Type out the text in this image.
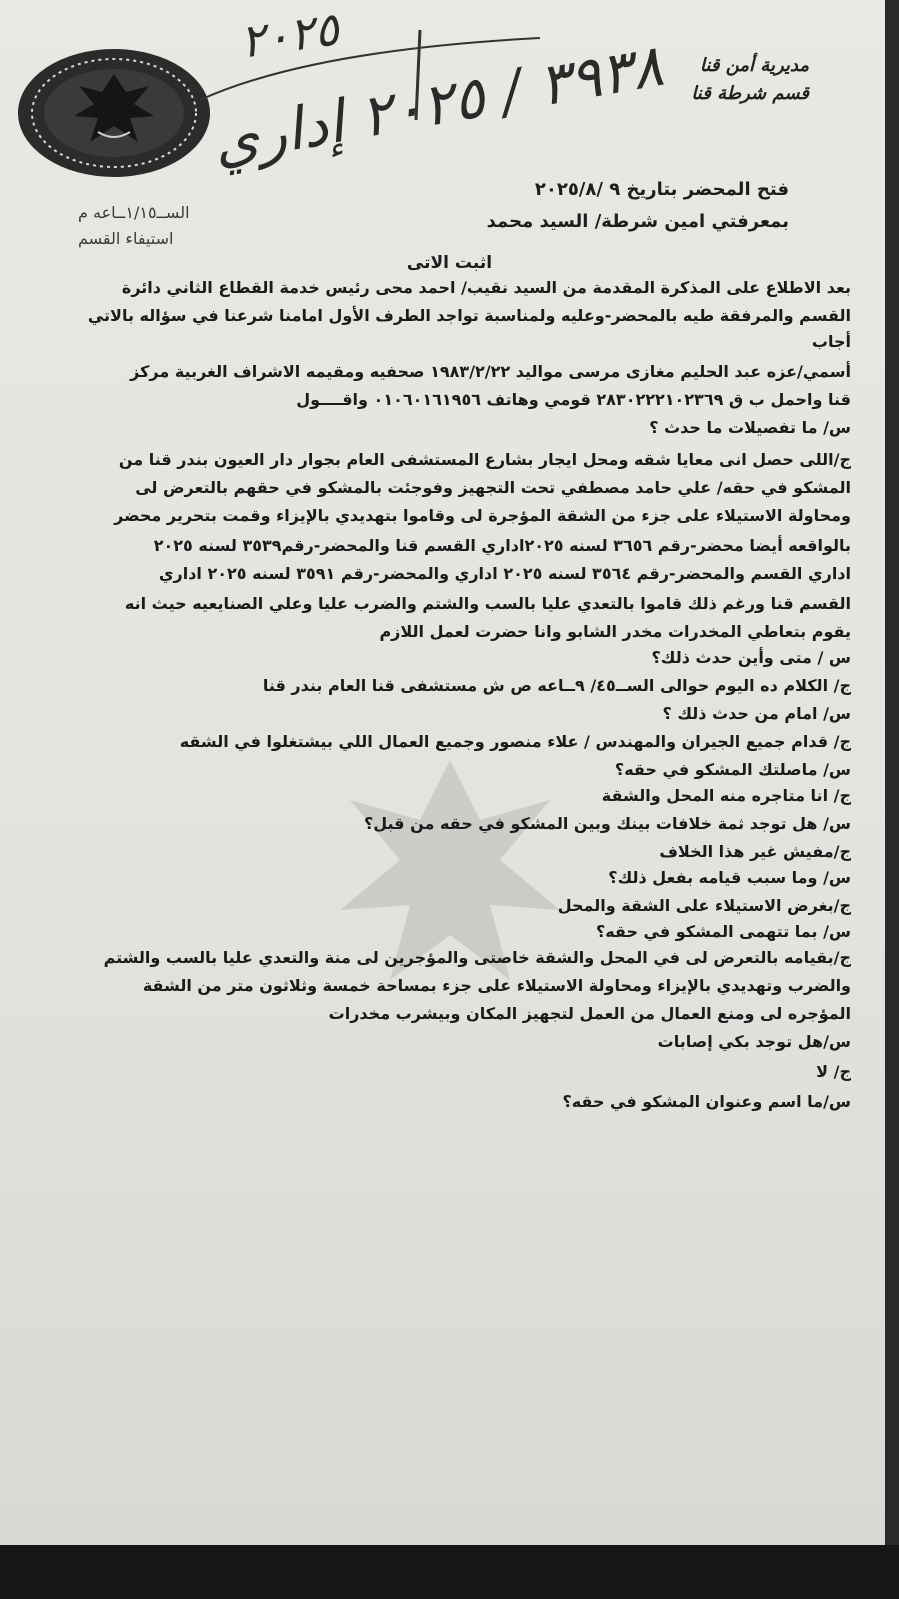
٢٠٢٥
٣٩٣٨ / ٢٠٢٥ إداري	مديرية أمن قنا
قسم شرطة قنا
فتح المحضر بتاريخ ٩ /٢٠٢٥/٨
بمعرفتي امين شرطة/ السيد محمد
الســ١/١٥ــاعه م
استيفاء القسم
اثبت الاتى
بعد الاطلاع على المذكرة المقدمة من السيد نقيب/ احمد محى رئيس خدمة القطاع الثاني دائرة
القسم والمرفقة طيه بالمحضر-وعليه ولمناسبة تواجد الطرف الأول امامنا شرعنا في سؤاله بالاتي
أجاب
أسمي/عزه عبد الحليم مغازى مرسى مواليد ١٩٨٣/٢/٢٢ صحفيه ومقيمه الاشراف الغربية مركز
قنا واحمل ب ق ٢٨٣٠٢٢٢١٠٢٣٦٩ قومي وهاتف ٠١٠٦٠١٦١٩٥٦ واقــــول
س/ ما تفصيلات ما حدث ؟
ج/اللى حصل انى معايا شقه ومحل ايجار بشارع المستشفى العام بجوار دار العيون بندر قنا من
المشكو في حقه/ علي حامد مصطفي تحت التجهيز وفوجئت بالمشكو في حقهم بالتعرض لى
ومحاولة الاستيلاء على جزء من الشقة المؤجرة لى وقاموا بتهديدي بالإيزاء وقمت بتحرير محضر
بالواقعه أيضا محضر-رقم ٣٦٥٦ لسنه ٢٠٢٥اداري القسم قنا والمحضر-رقم٣٥٣٩ لسنه ٢٠٢٥
اداري القسم والمحضر-رقم ٣٥٦٤ لسنه ٢٠٢٥ اداري والمحضر-رقم ٣٥٩١ لسنه ٢٠٢٥ اداري
القسم قنا ورغم ذلك قاموا بالتعدي عليا بالسب والشتم والضرب عليا وعلي الصنايعيه حيث انه
يقوم بتعاطي المخدرات مخدر الشابو وانا حضرت لعمل اللازم
س / متى وأين حدث ذلك؟
ج/ الكلام ده اليوم حوالى الســ٤٥/ ٩ــاعه ص ش مستشفى قنا العام بندر قنا
س/ امام من حدث ذلك ؟
ج/ قدام جميع الجيران والمهندس / علاء منصور وجميع العمال اللي بيشتغلوا في الشقه
س/ ماصلتك المشكو في حقه؟
ج/ انا متاجره منه المحل والشقة
س/ هل توجد ثمة خلافات بينك وبين المشكو في حقه من قبل؟
ج/مفيش غير هذا الخلاف
س/ وما سبب قيامه بفعل ذلك؟
ج/بغرض الاستيلاء على الشقة والمحل
س/ بما تتهمى المشكو في حقه؟
ج/بقيامه بالتعرض لى في المحل والشقة خاصتى والمؤجرين لى منة والتعدي عليا بالسب والشتم
والضرب وتهديدي بالإيزاء ومحاولة الاستيلاء على جزء بمساحة خمسة وثلاثون متر من الشقة
المؤجره لى ومنع العمال من العمل لتجهيز المكان وبيشرب مخدرات
س/هل توجد بكي إصابات
ج/ لا
س/ما اسم وعنوان المشكو في حقه؟
